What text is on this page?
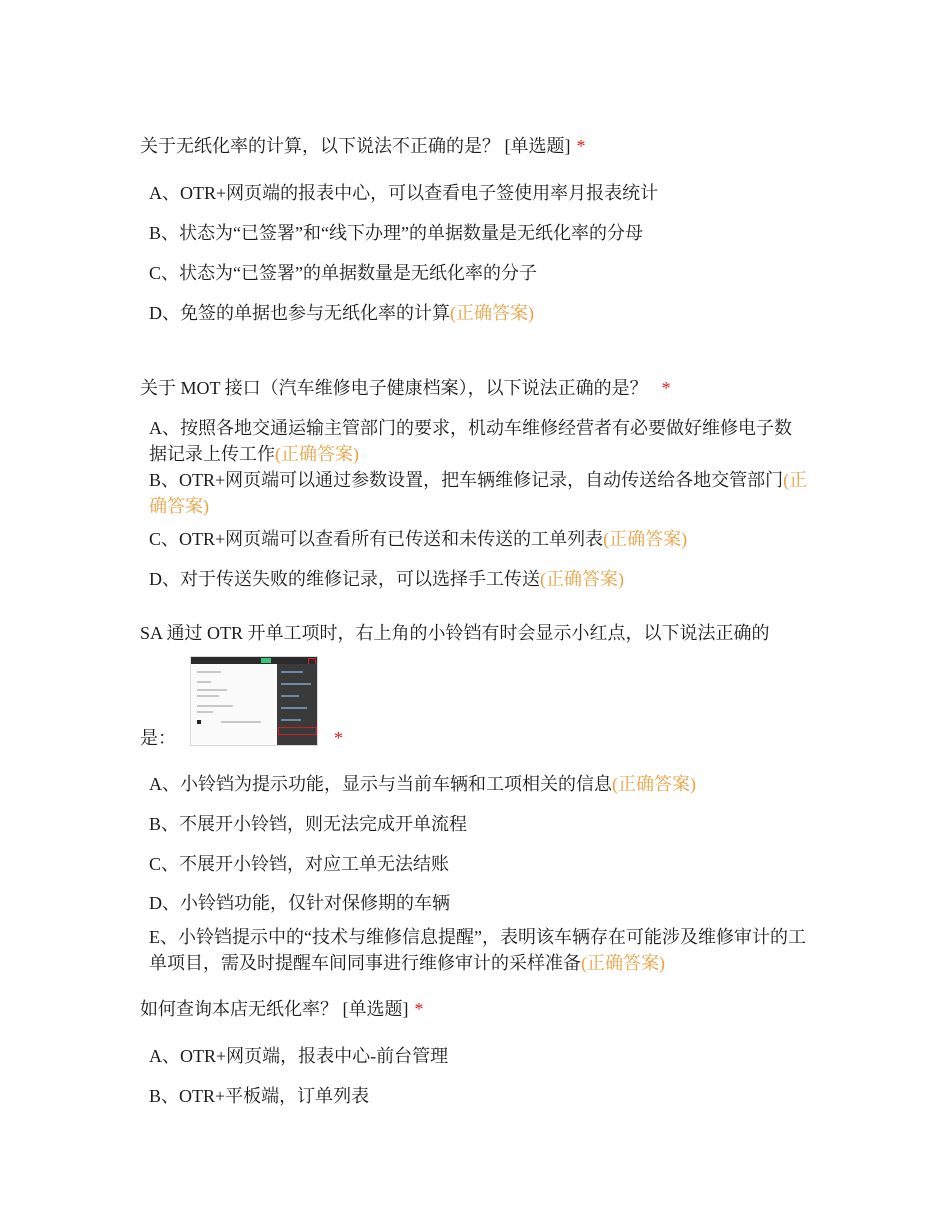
关于无纸化率的计算，以下说法不正确的是？ [单选题] *
A、OTR+网页端的报表中心，可以查看电子签使用率月报表统计
B、状态为“已签署”和“线下办理”的单据数量是无纸化率的分母
C、状态为“已签署”的单据数量是无纸化率的分子
D、免签的单据也参与无纸化率的计算(正确答案)
关于 MOT 接口（汽车维修电子健康档案），以下说法正确的是？ *
A、按照各地交通运输主管部门的要求，机动车维修经营者有必要做好维修电子数据记录上传工作(正确答案)
B、OTR+网页端可以通过参数设置，把车辆维修记录，自动传送给各地交管部门(正确答案)
C、OTR+网页端可以查看所有已传送和未传送的工单列表(正确答案)
D、对于传送失败的维修记录，可以选择手工传送(正确答案)
SA 通过 OTR 开单工项时，右上角的小铃铛有时会显示小红点，以下说法正确的
是：	*
A、小铃铛为提示功能，显示与当前车辆和工项相关的信息(正确答案)
B、不展开小铃铛，则无法完成开单流程
C、不展开小铃铛，对应工单无法结账
D、小铃铛功能，仅针对保修期的车辆
E、小铃铛提示中的“技术与维修信息提醒”，表明该车辆存在可能涉及维修审计的工单项目，需及时提醒车间同事进行维修审计的采样准备(正确答案)
如何查询本店无纸化率？ [单选题] *
A、OTR+网页端，报表中心-前台管理
B、OTR+平板端，订单列表
